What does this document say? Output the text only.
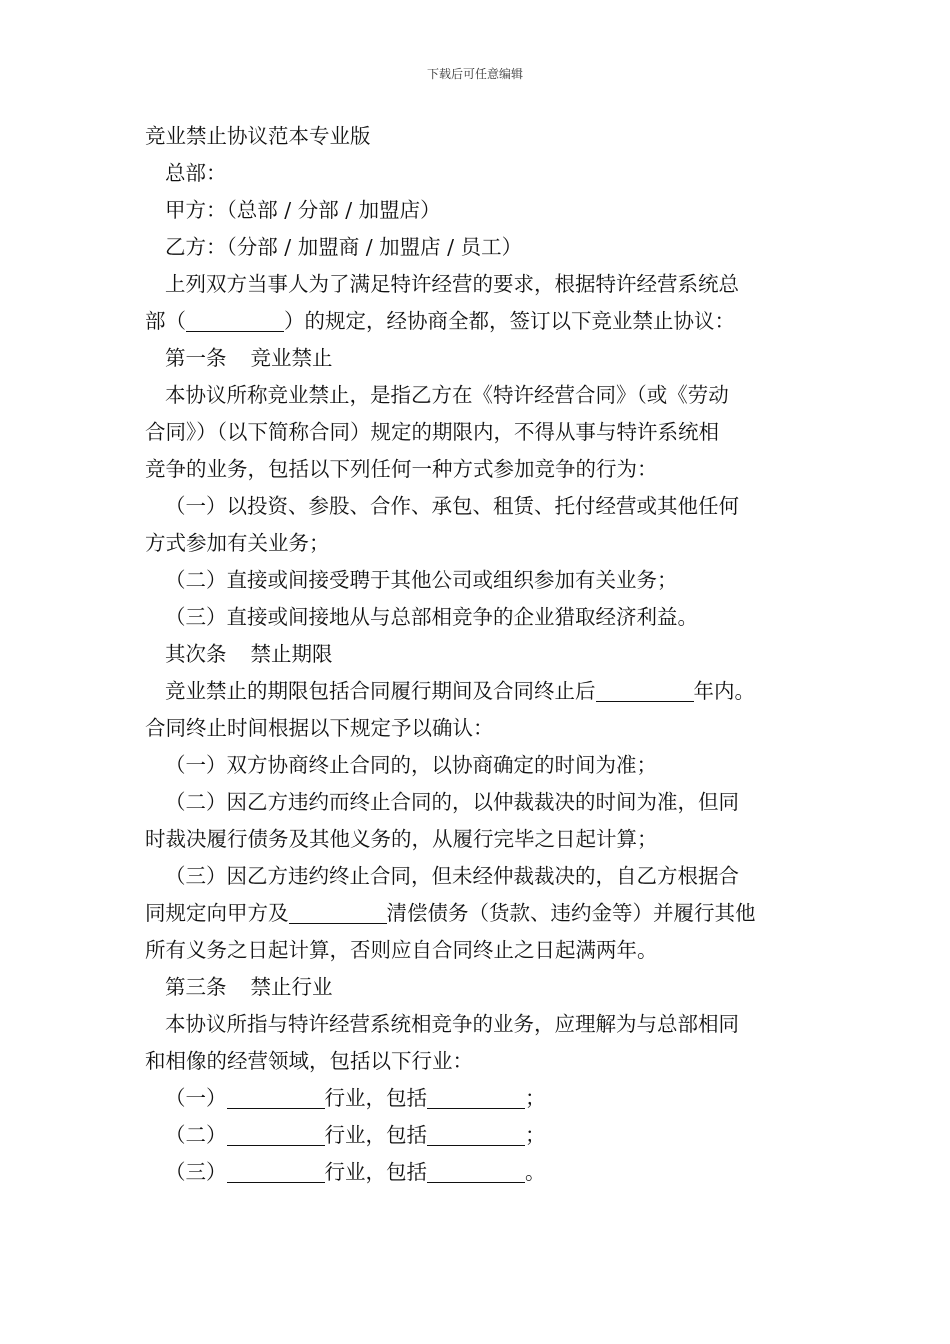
下载后可任意编辑
竞业禁止协议范本专业版
总部：
甲方：（总部 / 分部 / 加盟店）
乙方：（分部 / 加盟商 / 加盟店 / 员工）
上列双方当事人为了满足特许经营的要求，根据特许经营系统总
部（	）的规定，经协商全都，签订以下竞业禁止协议：
第一条 竞业禁止
本协议所称竞业禁止，是指乙方在《特许经营合同》（或《劳动
合同》）（以下简称合同）规定的期限内，不得从事与特许系统相
竞争的业务，包括以下列任何一种方式参加竞争的行为：
（一）以投资、参股、合作、承包、租赁、托付经营或其他任何
方式参加有关业务；
（二）直接或间接受聘于其他公司或组织参加有关业务；
（三）直接或间接地从与总部相竞争的企业猎取经济利益。
其次条 禁止期限
竞业禁止的期限包括合同履行期间及合同终止后	年内。
合同终止时间根据以下规定予以确认：
（一）双方协商终止合同的，以协商确定的时间为准；
（二）因乙方违约而终止合同的，以仲裁裁决的时间为准，但同
时裁决履行债务及其他义务的，从履行完毕之日起计算；
（三）因乙方违约终止合同，但未经仲裁裁决的，自乙方根据合
同规定向甲方及	清偿债务（货款、违约金等）并履行其他
所有义务之日起计算，否则应自合同终止之日起满两年。
第三条 禁止行业
本协议所指与特许经营系统相竞争的业务，应理解为与总部相同
和相像的经营领域，包括以下行业：
（一）	行业，包括	；
（二）	行业，包括	；
（三）	行业，包括	。
